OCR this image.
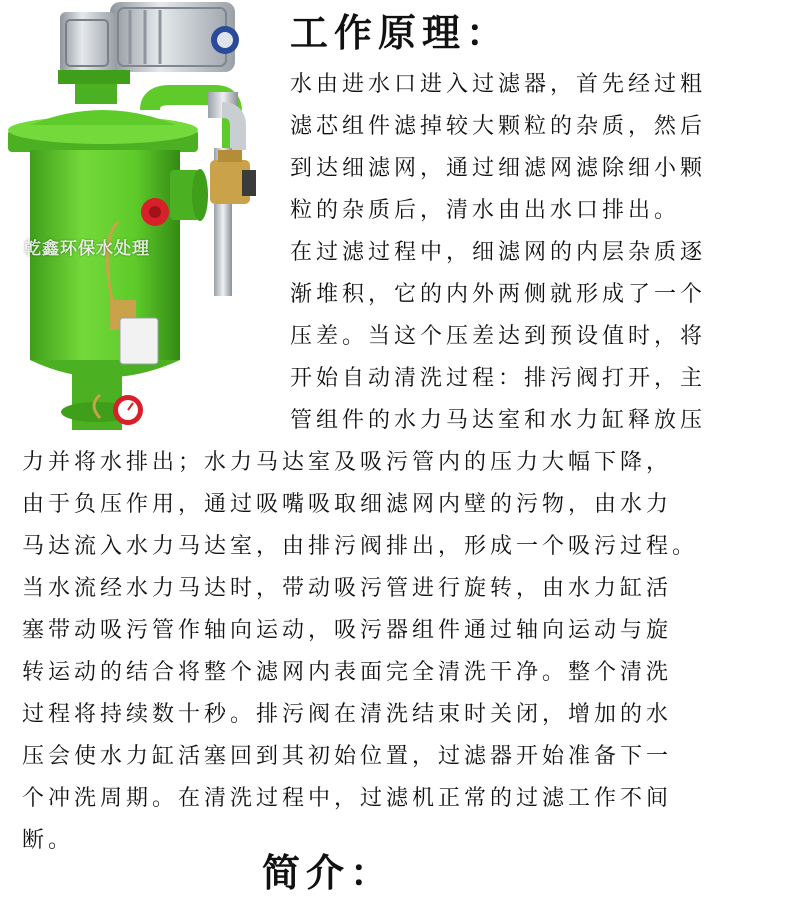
乾鑫环保水处理
工作原理：
水由进水口进入过滤器，首先经过粗
滤芯组件滤掉较大颗粒的杂质，然后
到达细滤网，通过细滤网滤除细小颗
粒的杂质后，清水由出水口排出。
在过滤过程中，细滤网的内层杂质逐
渐堆积，它的内外两侧就形成了一个
压差。当这个压差达到预设值时，将
开始自动清洗过程：排污阀打开，主
管组件的水力马达室和水力缸释放压
力并将水排出；水力马达室及吸污管内的压力大幅下降，
由于负压作用，通过吸嘴吸取细滤网内壁的污物，由水力
马达流入水力马达室，由排污阀排出，形成一个吸污过程。
当水流经水力马达时，带动吸污管进行旋转，由水力缸活
塞带动吸污管作轴向运动，吸污器组件通过轴向运动与旋
转运动的结合将整个滤网内表面完全清洗干净。整个清洗
过程将持续数十秒。排污阀在清洗结束时关闭，增加的水
压会使水力缸活塞回到其初始位置，过滤器开始准备下一
个冲洗周期。在清洗过程中，过滤机正常的过滤工作不间
断。
简介：
